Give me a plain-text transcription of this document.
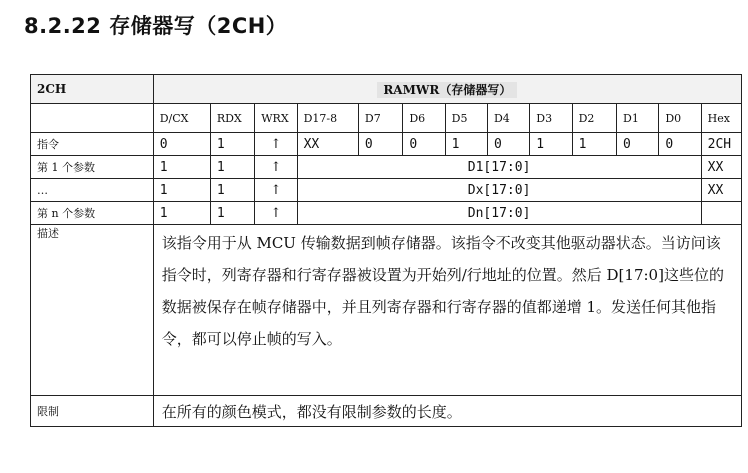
8.2.22 存储器写（2CH）
2CH	RAMWR（存储器写）												
	D/CX	RDX	WRX	D17-8	D7	D6	D5	D4	D3	D2	D1	D0	Hex
指令	0	1	↑	XX	0	0	1	0	1	1	0	0	2CH
第 1 个参数	1	1	↑	D1[17:0]									XX
…	1	1	↑	Dx[17:0]									XX
第 n 个参数	1	1	↑	Dn[17:0]									
描述	该指令用于从 MCU 传输数据到帧存储器。该指令不改变其他驱动器状态。当访问该指令时，列寄存器和行寄存器被设置为开始列/行地址的位置。然后 D[17:0]这些位的数据被保存在帧存储器中，并且列寄存器和行寄存器的值都递增 1。发送任何其他指令，都可以停止帧的写入。												
限制	在所有的颜色模式，都没有限制参数的长度。												
